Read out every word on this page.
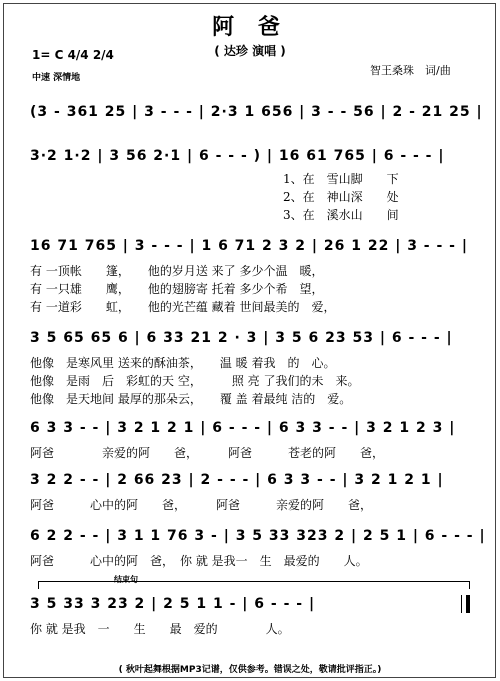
阿 爸
( 达珍 演唱 )
1= C 4/4 2/4
中速 深情地
智王桑珠　词/曲
(3 - 361 25 | 3 - - - | 2·3 1 656 | 3 - - 56 | 2 - 21 25 |
3·2 1·2 | 3 56 2·1 | 6 - - - ) | 16 61 765 | 6 - - - |
1、在　雪山脚　　下
2、在　神山深　　处
3、在　溪水山　　间
16 71 765 | 3 - - - | 1 6 71 2 3 2 | 26 1 22 | 3 - - - |
有 一顶帐　　篷，　　他的岁月送 来了 多少个温　暖，
有 一只雄　　鹰，　　他的翅膀寄 托着 多少个希　望，
有 一道彩　　虹，　　他的光芒蕴 藏着 世间最美的　爱，
3 5 65 65 6 | 6 33 21 2 · 3 | 3 5 6 23 53 | 6 - - - |
他像　是寒风里 送来的酥油茶，　　温 暖 着我　的　心。
他像　是雨　后　彩虹的天 空，　　　照 亮 了我们的未　来。
他像　是天地间 最厚的那朵云，　　覆 盖 着最纯 洁的　爱。
6 3 3 - - | 3 2 1 2 1 | 6 - - - | 6 3 3 - - | 3 2 1 2 3 |
阿爸　　　　亲爱的阿　　爸，　　　阿爸　　　苍老的阿　　爸，
3 2 2 - - | 2 66 23 | 2 - - - | 6 3 3 - - | 3 2 1 2 1 |
阿爸　　　心中的阿　　爸，　　　阿爸　　　亲爱的阿　　爸，
6 2 2 - - | 3 1 1 76 3 - | 3 5 33 323 2 | 2 5 1 | 6 - - - |
阿爸　　　心中的阿　爸，　你 就 是我一　生　最爱的　　人。
结束句
3 5 33 3 23 2 | 2 5 1 1 - | 6 - - - |
你 就 是我　一　　生　　最　爱的　　　　人。
( 秋叶起舞根据MP3记谱，仅供参考。错误之处，敬请批评指正。)
